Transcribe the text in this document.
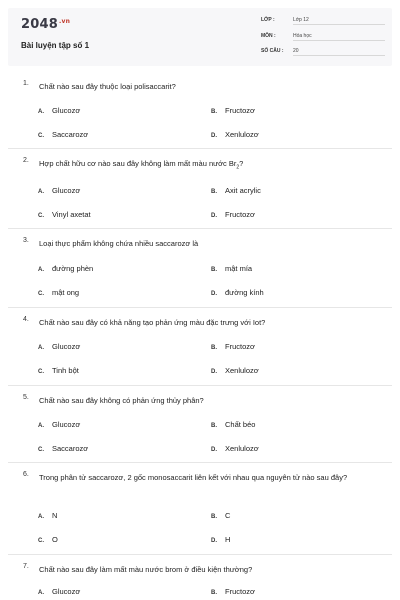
$2048^{.vn}$
Bài luyện tập số 1
LỚP :	Lớp 12
MÔN :	Hóa học
SỐ CÂU : 20
1. Chất nào sau đây thuộc loại polisaccarit?
A. Glucozơ	B. Fructozơ
C. Saccarozơ	D. Xenlulozơ
2. Hợp chất hữu cơ nào sau đây không làm mất màu nước $Br_2$?
A. Glucozơ	B. Axit acrylic
C. Vinyl axetat	D. Fructozơ
3. Loại thực phẩm không chứa nhiều saccarozơ là
A. đường phèn	B. mật mía
C. mật ong	D. đường kính
4. Chất nào sau đây có khả năng tạo phản ứng màu đặc trưng với Iot?
A. Glucozơ	B. Fructozơ
C. Tinh bột	D. Xenlulozơ
5. Chất nào sau đây không có phản ứng thủy phân?
A. Glucozơ	B. Chất béo
C. Saccarozơ	D. Xenlulozơ
6. Trong phân tử saccarozơ, 2 gốc monosaccarit liên kết với nhau qua nguyên tử nào sau đây?
A. N	B. C
C. O	D. H
7. Chất nào sau đây làm mất màu nước brom ở điều kiện thường?
A. Glucozơ	B. Fructozơ
